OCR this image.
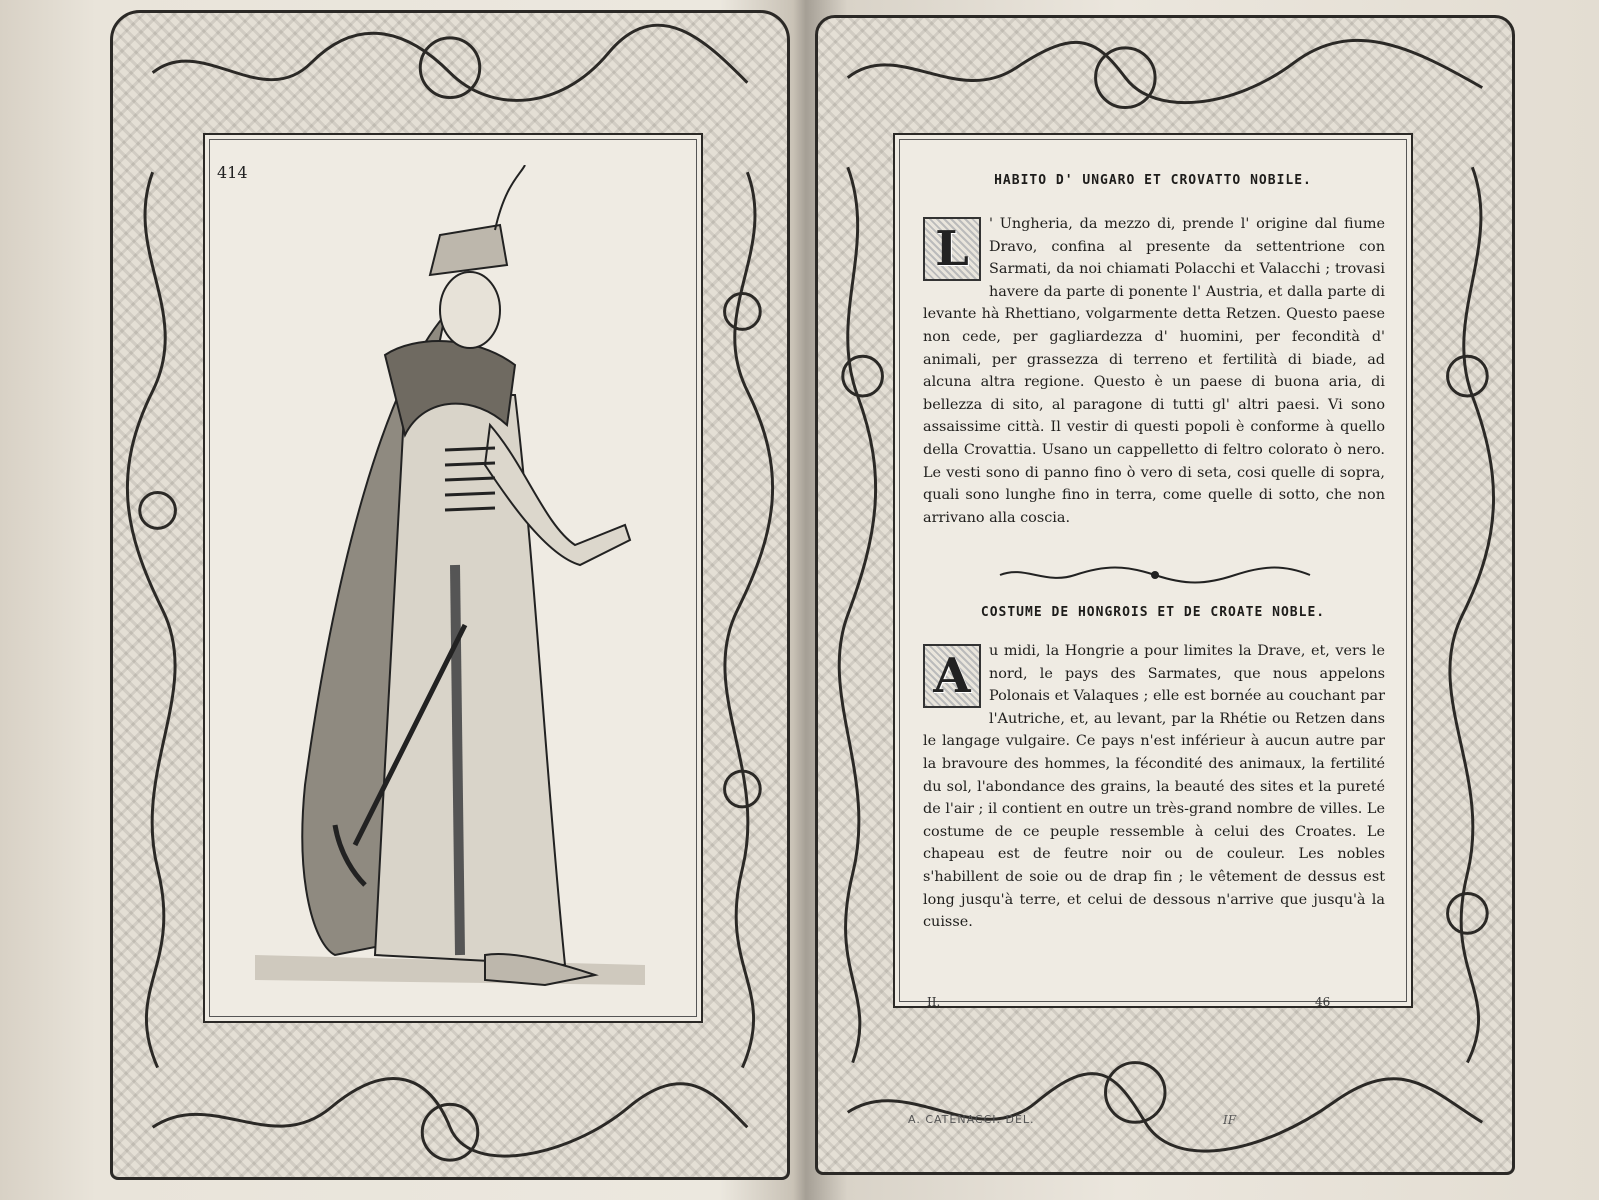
414	HABITO D' UNGARO ET CROVATTO NOBILE.
L	' Ungheria, da mezzo di, prende l' origine dal fiume Dravo, confina al presente da settentrione con Sarmati, da noi chiamati Polacchi et Valacchi ; trovasi havere da parte di ponente l' Austria, et dalla parte di levante hà Rhettiano, volgarmente detta Retzen. Questo paese non cede, per gagliardezza d' huomini, per fecondità d' animali, per grassezza di terreno et fertilità di biade, ad alcuna altra regione. Questo è un paese di buona aria, di bellezza di sito, al paragone di tutti gl' altri paesi. Vi sono assaissime città. Il vestir di questi popoli è conforme à quello della Crovattia. Usano un cappelletto di feltro colorato ò nero. Le vesti sono di panno fino ò vero di seta, cosi quelle di sopra, quali sono lunghe fino in terra, come quelle di sotto, che non arrivano alla coscia.
COSTUME DE HONGROIS ET DE CROATE NOBLE.
A	u midi, la Hongrie a pour limites la Drave, et, vers le nord, le pays des Sarmates, que nous appelons Polonais et Valaques ; elle est bornée au couchant par l'Autriche, et, au levant, par la Rhétie ou Retzen dans le langage vulgaire. Ce pays n'est inférieur à aucun autre par la bravoure des hommes, la fécondité des animaux, la fertilité du sol, l'abondance des grains, la beauté des sites et la pureté de l'air ; il contient en outre un très-grand nombre de villes. Le costume de ce peuple ressemble à celui des Croates. Le chapeau est de feutre noir ou de couleur. Les nobles s'habillent de soie ou de drap fin ; le vêtement de dessus est long jusqu'à terre, et celui de dessous n'arrive que jusqu'à la cuisse.
II.	46
A. CATENACCI. DEL.	IF
